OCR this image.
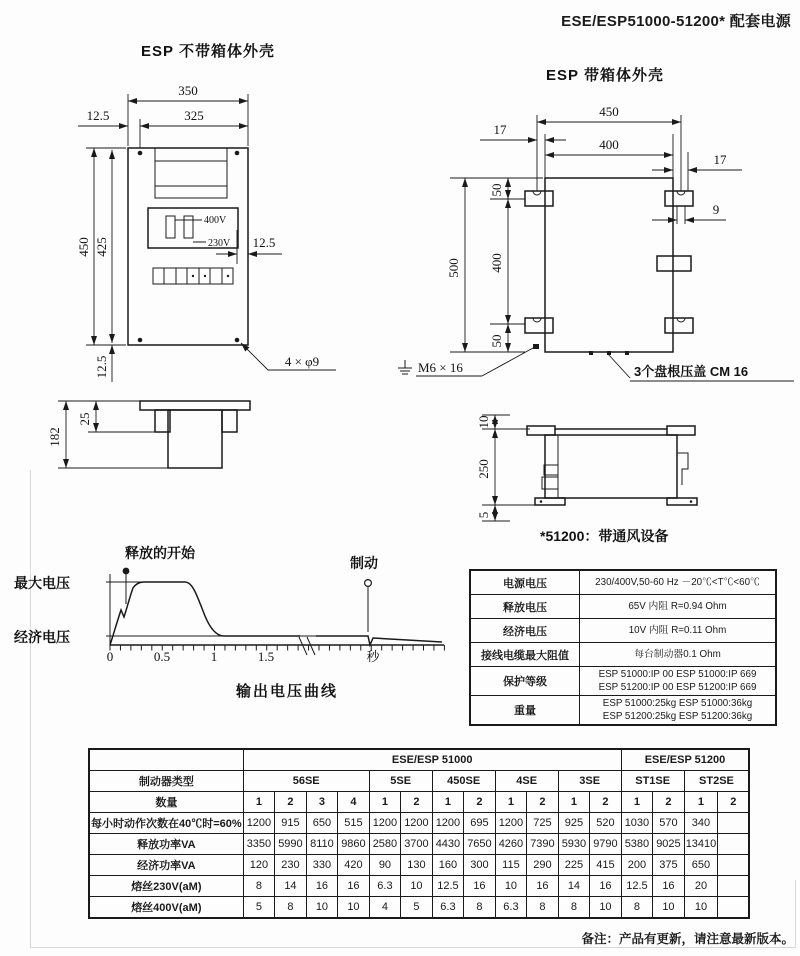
ESE/ESP51000-51200* 配套电源
ESP 不带箱体外壳
400V
230V
350
325
12.5
450 425
12.5
12.5
4 × φ9
ESP 带箱体外壳
450
400
17
17
9
500 400
50
50
M6 × 16	3个盘根压盖 CM 16
182
25	10
250
5
*51200：带通风设备
释放的开始
制动
最大电压
经济电压
0	0.5	1	1.5	秒
输出电压曲线
电源电压	230/400V,50-60 Hz －20℃<T℃<60℃

释放电压	65V 内阻 R=0.94 Ohm

经济电压	10V 内阻 R=0.11 Ohm

接线电缆最大阻值	每台制动器0.1 Ohm

保护等级	ESP 51000:IP 00 ESP 51000:IP 669
ESP 51200:IP 00 ESP 51200:IP 669

重量	ESP 51000:25kg ESP 51000:36kg
ESP 51200:25kg ESP 51200:36kg
	ESE/ESP 51000												ESE/ESP 51200			
制动器类型	56SE				5SE		450SE		4SE		3SE		ST1SE		ST2SE	
数量	1	2	3	4	1	2	1	2	1	2	1	2	1	2	1	2
每小时动作次数在40℃时=60%	1200	915	650	515	1200	1200	1200	695	1200	725	925	520	1030	570	340	
释放功率VA	3350	5990	8110	9860	2580	3700	4430	7650	4260	7390	5930	9790	5380	9025	13410	
经济功率VA	120	230	330	420	90	130	160	300	115	290	225	415	200	375	650	
熔丝230V(aM)	8	14	16	16	6.3	10	12.5	16	10	16	14	16	12.5	16	20	
熔丝400V(aM)	5	8	10	10	4	5	6.3	8	6.3	8	8	10	8	10	10	
备注：产品有更新，请注意最新版本。
